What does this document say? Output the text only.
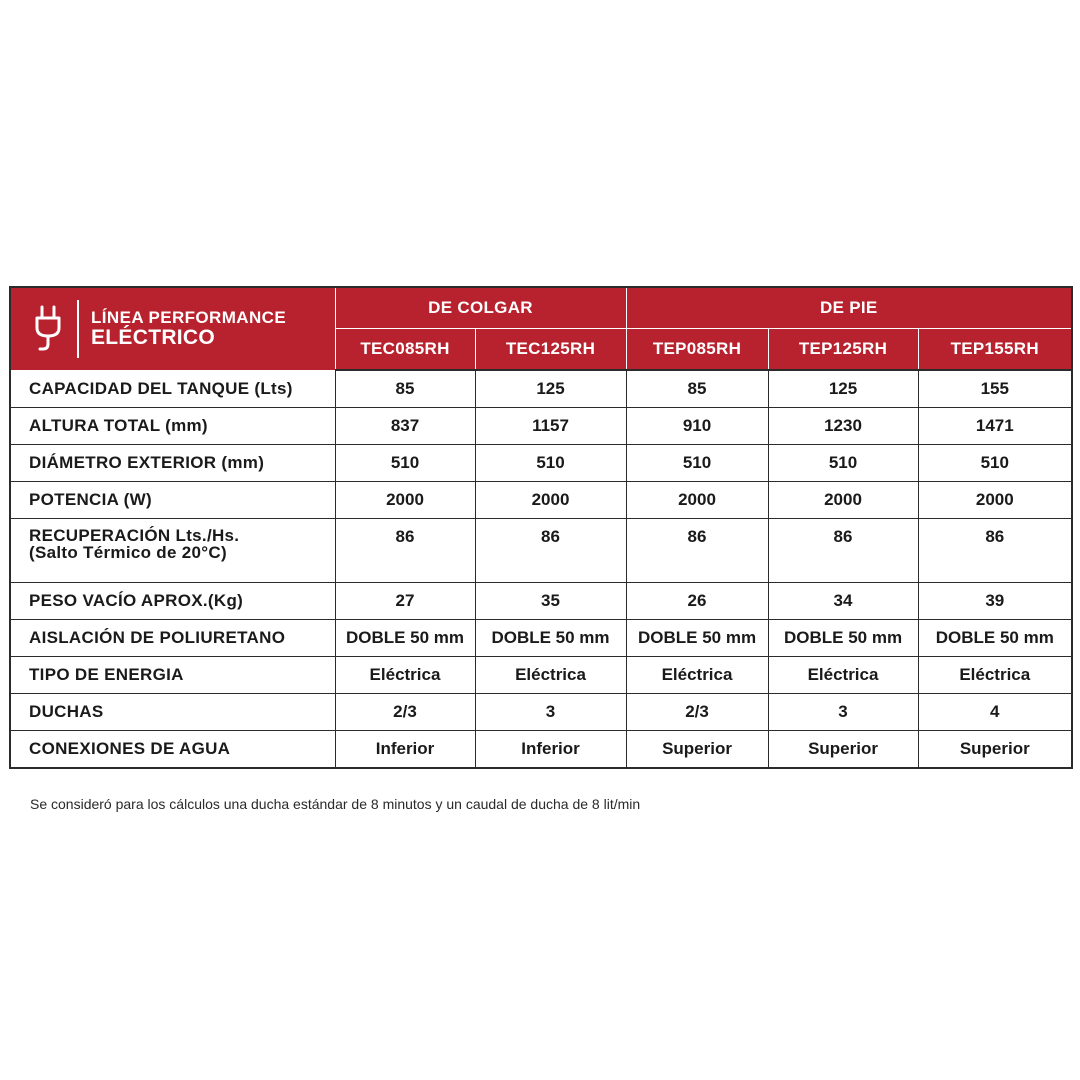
LÍNEA PERFORMANCE
ELÉCTRICO	DE COLGAR		DE PIE		
	TEC085RH	TEC125RH	TEP085RH	TEP125RH	TEP155RH
CAPACIDAD DEL TANQUE (Lts)	85	125	85	125	155
ALTURA TOTAL (mm)	837	1157	910	1230	1471
DIÁMETRO EXTERIOR (mm)	510	510	510	510	510
POTENCIA (W)	2000	2000	2000	2000	2000

RECUPERACIÓN Lts./Hs.
(Salto Térmico de 20°C)	86	86	86	86	86
PESO VACÍO APROX.(Kg)	27	35	26	34	39
AISLACIÓN DE POLIURETANO	DOBLE 50 mm	DOBLE 50 mm	DOBLE 50 mm	DOBLE 50 mm	DOBLE 50 mm
TIPO DE ENERGIA	Eléctrica	Eléctrica	Eléctrica	Eléctrica	Eléctrica
DUCHAS	2/3	3	2/3	3	4
CONEXIONES DE AGUA	Inferior	Inferior	Superior	Superior	Superior
Se consideró para los cálculos una ducha estándar de 8 minutos y un caudal de ducha de 8 lit/min
